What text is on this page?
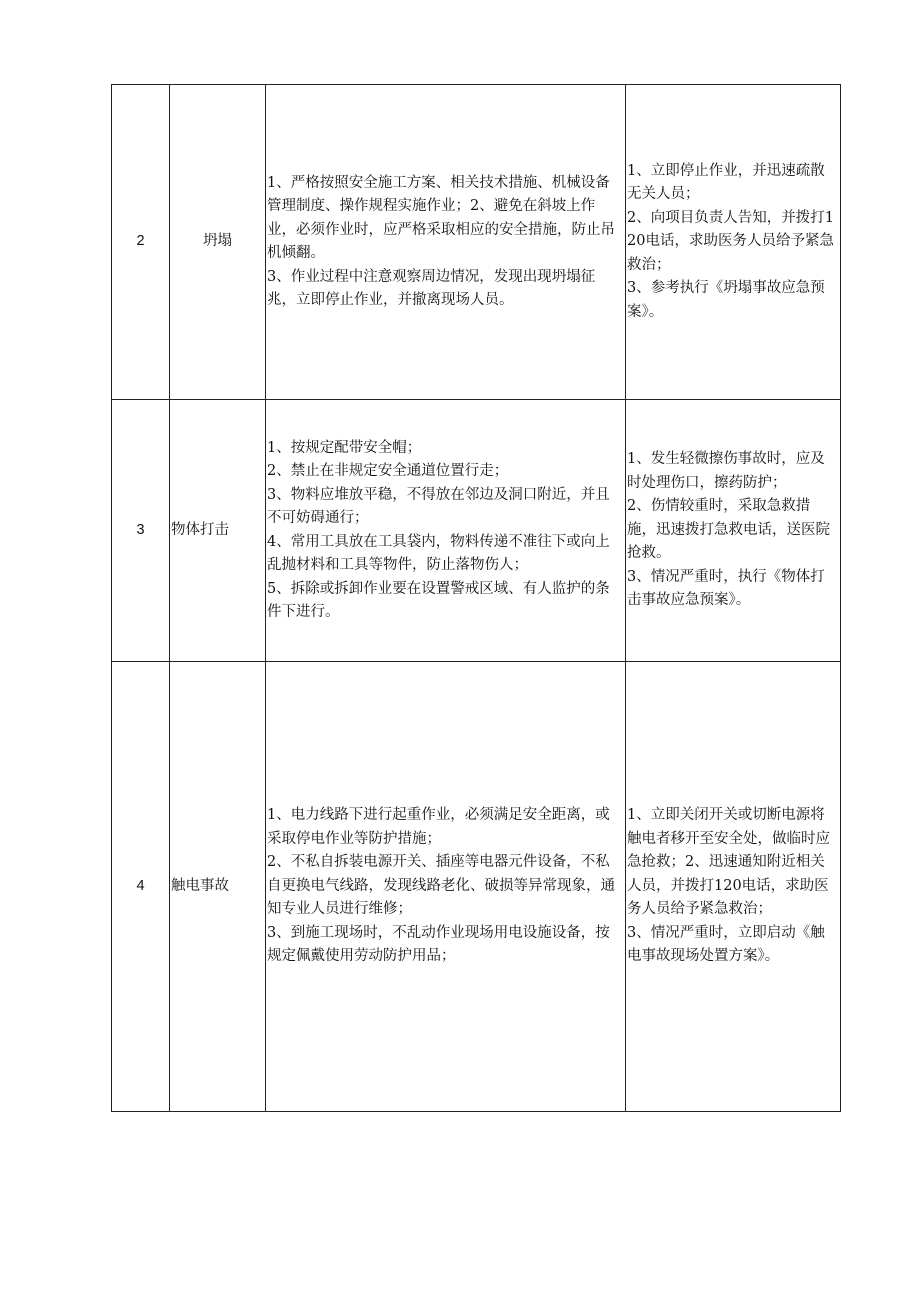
2	坍塌	1、严格按照安全施工方案、相关技术措施、机械设备管理制度、操作规程实施作业；2、避免在斜坡上作业，必须作业时，应严格采取相应的安全措施，防止吊机倾翻。
3、作业过程中注意观察周边情况，发现出现坍塌征兆，立即停止作业，并撤离现场人员。	1、立即停止作业，并迅速疏散无关人员；
2、向项目负责人告知，并拨打120电话，求助医务人员给予紧急救治；
3、参考执行《坍塌事故应急预案》。

3	物体打击	1、按规定配带安全帽；
2、禁止在非规定安全通道位置行走；
3、物料应堆放平稳，不得放在邻边及洞口附近，并且不可妨碍通行；
4、常用工具放在工具袋内，物料传递不准往下或向上乱抛材料和工具等物件，防止落物伤人；
5、拆除或拆卸作业要在设置警戒区域、有人监护的条件下进行。	1、发生轻微擦伤事故时，应及时处理伤口，擦药防护；
2、伤情较重时，采取急救措施，迅速拨打急救电话，送医院抢救。
3、情况严重时，执行《物体打击事故应急预案》。

4	触电事故	1、电力线路下进行起重作业，必须满足安全距离，或采取停电作业等防护措施；
2、不私自拆装电源开关、插座等电器元件设备，不私自更换电气线路，发现线路老化、破损等异常现象，通知专业人员进行维修；
3、到施工现场时，不乱动作业现场用电设施设备，按规定佩戴使用劳动防护用品；	1、立即关闭开关或切断电源将触电者移开至安全处，做临时应急抢救；2、迅速通知附近相关人员，并拨打120电话，求助医务人员给予紧急救治；
3、情况严重时，立即启动《触电事故现场处置方案》。
